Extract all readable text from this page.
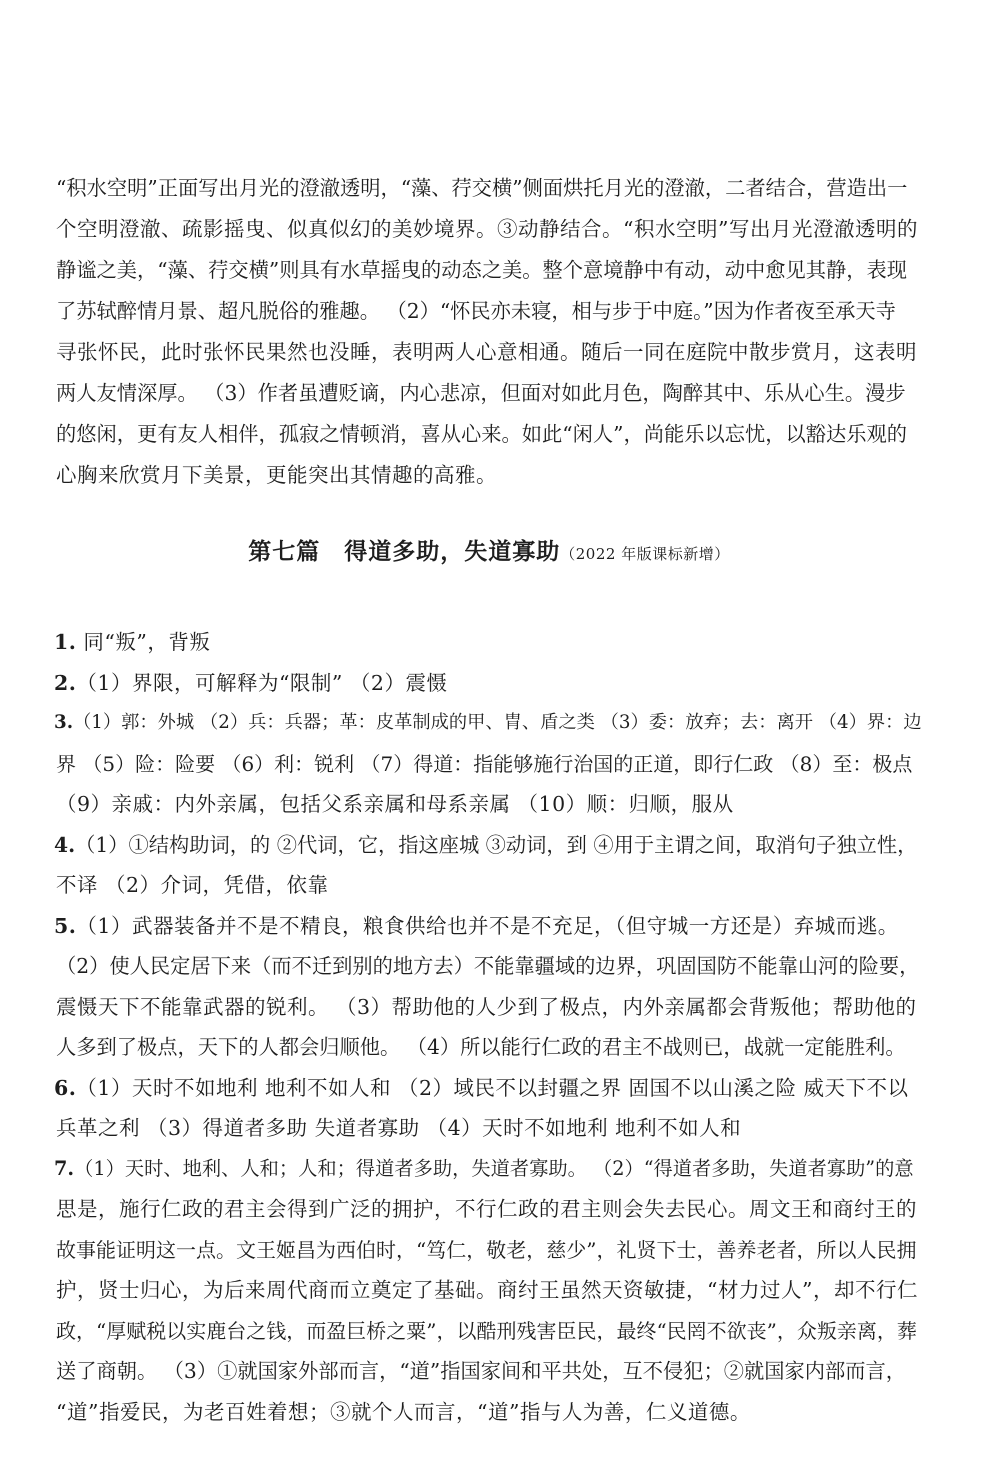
“积水空明”正面写出月光的澄澈透明，“藻、荇交横”侧面烘托月光的澄澈，二者结合，营造出一
个空明澄澈、疏影摇曳、似真似幻的美妙境界。③动静结合。“积水空明”写出月光澄澈透明的
静谧之美，“藻、荇交横”则具有水草摇曳的动态之美。整个意境静中有动，动中愈见其静，表现
了苏轼醉情月景、超凡脱俗的雅趣。 （2）“怀民亦未寝，相与步于中庭。”因为作者夜至承天寺
寻张怀民，此时张怀民果然也没睡，表明两人心意相通。随后一同在庭院中散步赏月，这表明
两人友情深厚。 （3）作者虽遭贬谪，内心悲凉，但面对如此月色，陶醉其中、乐从心生。漫步
的悠闲，更有友人相伴，孤寂之情顿消，喜从心来。如此“闲人”，尚能乐以忘忧，以豁达乐观的
心胸来欣赏月下美景，更能突出其情趣的高雅。
第七篇　得道多助，失道寡助（2022 年版课标新增）
1. 同“叛”，背叛
2.（1）界限，可解释为“限制” （2）震慑
3.（1）郭：外城 （2）兵：兵器；革：皮革制成的甲、胄、盾之类 （3）委：放弃；去：离开 （4）界：边
界 （5）险：险要 （6）利：锐利 （7）得道：指能够施行治国的正道，即行仁政 （8）至：极点
（9）亲戚：内外亲属，包括父系亲属和母系亲属 （10）顺：归顺，服从
4.（1）①结构助词，的 ②代词，它，指这座城 ③动词，到 ④用于主谓之间，取消句子独立性，
不译 （2）介词，凭借，依靠
5.（1）武器装备并不是不精良，粮食供给也并不是不充足，（但守城一方还是）弃城而逃。
（2）使人民定居下来（而不迁到别的地方去）不能靠疆域的边界，巩固国防不能靠山河的险要，
震慑天下不能靠武器的锐利。 （3）帮助他的人少到了极点，内外亲属都会背叛他；帮助他的
人多到了极点，天下的人都会归顺他。 （4）所以能行仁政的君主不战则已，战就一定能胜利。
6.（1）天时不如地利 地利不如人和 （2）域民不以封疆之界 固国不以山溪之险 威天下不以
兵革之利 （3）得道者多助 失道者寡助 （4）天时不如地利 地利不如人和
7.（1）天时、地利、人和；人和；得道者多助，失道者寡助。 （2）“得道者多助，失道者寡助”的意
思是，施行仁政的君主会得到广泛的拥护，不行仁政的君主则会失去民心。周文王和商纣王的
故事能证明这一点。文王姬昌为西伯时，“笃仁，敬老，慈少”，礼贤下士，善养老者，所以人民拥
护，贤士归心，为后来周代商而立奠定了基础。商纣王虽然天资敏捷，“材力过人”，却不行仁
政，“厚赋税以实鹿台之钱，而盈巨桥之粟”，以酷刑残害臣民，最终“民罔不欲丧”，众叛亲离，葬
送了商朝。 （3）①就国家外部而言，“道”指国家间和平共处，互不侵犯；②就国家内部而言，
“道”指爱民，为老百姓着想；③就个人而言，“道”指与人为善，仁义道德。
